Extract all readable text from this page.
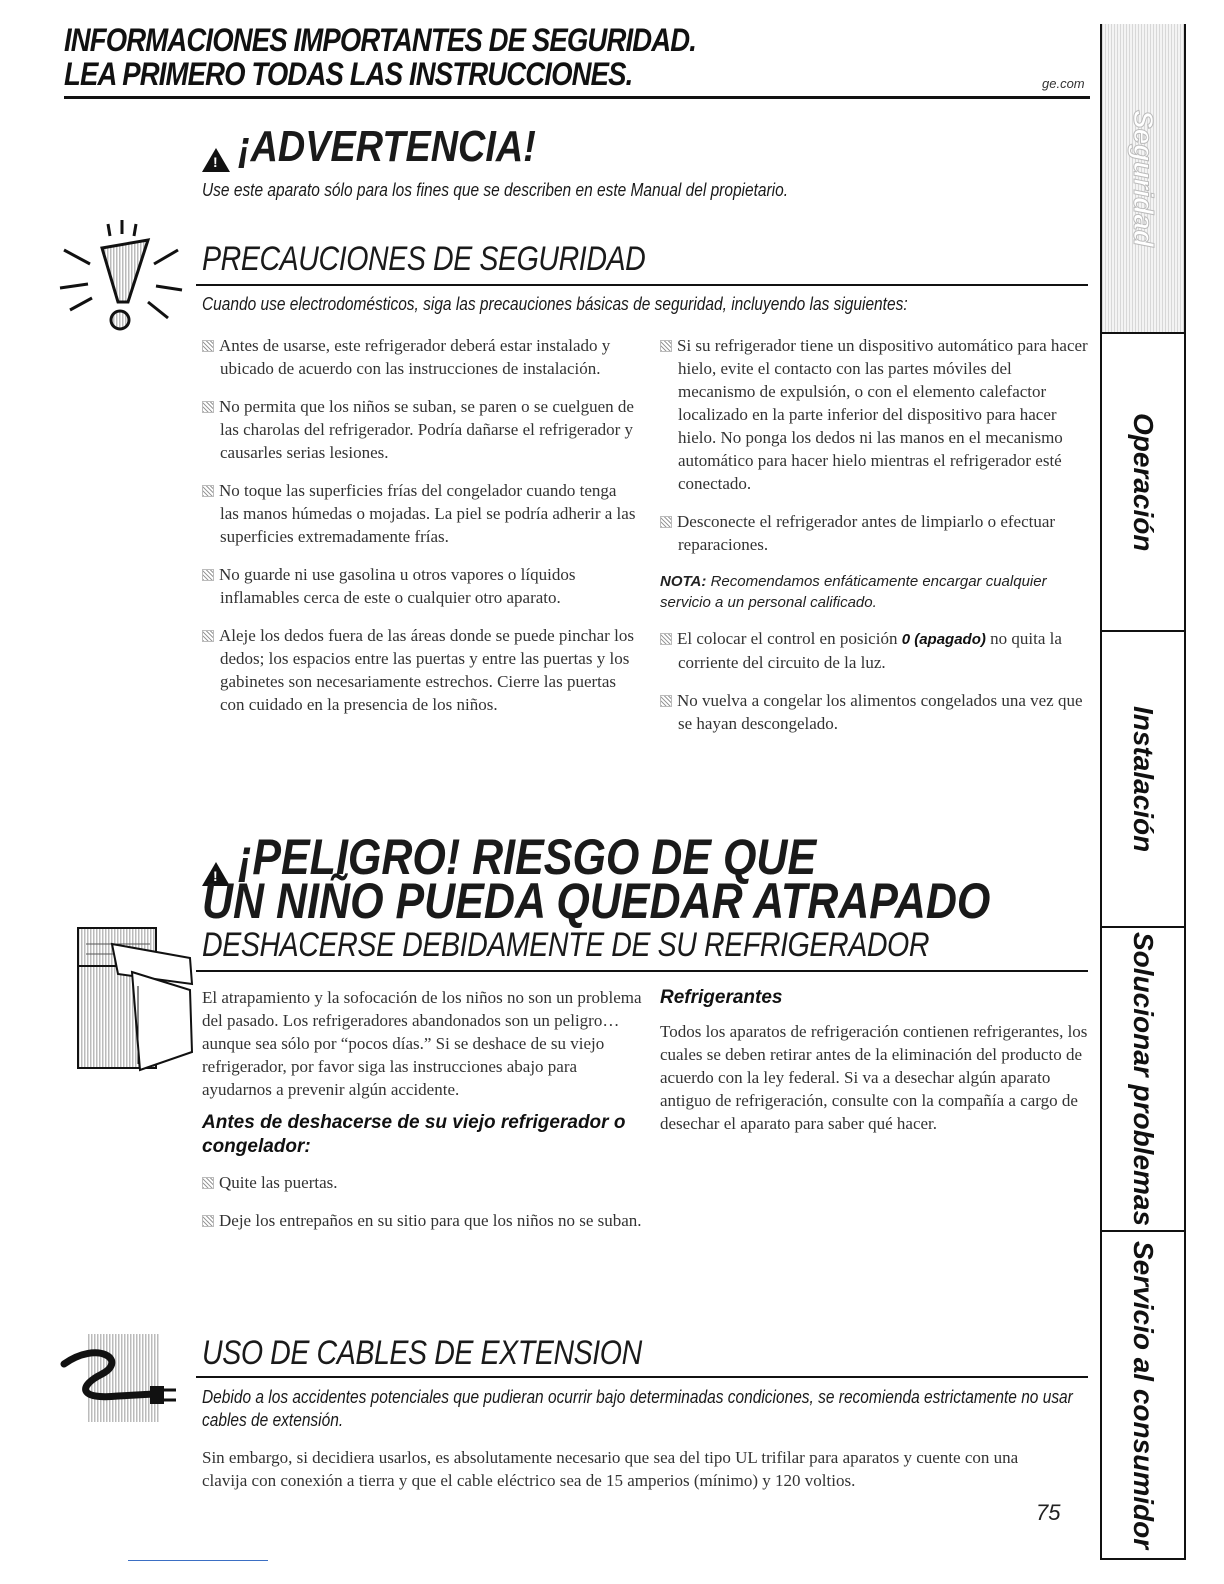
INFORMACIONES IMPORTANTES DE SEGURIDAD.
LEA PRIMERO TODAS LAS INSTRUCCIONES.	ge.com
!
¡ADVERTENCIA!
Use este aparato sólo para los fines que se describen en este Manual del propietario.
PRECAUCIONES DE SEGURIDAD
Cuando use electrodomésticos, siga las precauciones básicas de seguridad, incluyendo las siguientes:

Antes de usarse, este refrigerador deberá estar instalado y ubicado de acuerdo con las instrucciones de instalación.

No permita que los niños se suban, se paren o se cuelguen de las charolas del refrigerador. Podría dañarse el refrigerador y causarles serias lesiones.

No toque las superficies frías del congelador cuando tenga las manos húmedas o mojadas. La piel se podría adherir a las superficies extremadamente frías.

No guarde ni use gasolina u otros vapores o líquidos inflamables cerca de este o cualquier otro aparato.

Aleje los dedos fuera de las áreas donde se puede pinchar los dedos; los espacios entre las puertas y entre las puertas y los gabinetes son necesariamente estrechos. Cierre las puertas con cuidado en la presencia de los niños.

Si su refrigerador tiene un dispositivo automático para hacer hielo, evite el contacto con las partes móviles del mecanismo de expulsión, o con el elemento calefactor localizado en la parte inferior del dispositivo para hacer hielo. No ponga los dedos ni las manos en el mecanismo automático para hacer hielo mientras el refrigerador esté conectado.

Desconecte el refrigerador antes de limpiarlo o efectuar reparaciones.

NOTA: Recomendamos enfáticamente encargar cualquier servicio a un personal calificado.

El colocar el control en posición 0 (apagado) no quita la corriente del circuito de la luz.

No vuelva a congelar los alimentos congelados una vez que se hayan descongelado.

!
¡PELIGRO! RIESGO DE QUE
UN NIÑO PUEDA QUEDAR ATRAPADO
DESHACERSE DEBIDAMENTE DE SU REFRIGERADOR
El atrapamiento y la sofocación de los niños no son un problema del pasado. Los refrigeradores abandonados son un peligro…aunque sea sólo por “pocos días.” Si se deshace de su viejo refrigerador, por favor siga las instrucciones abajo para ayudarnos a prevenir algún accidente.
Antes de deshacerse de su viejo refrigerador o congelador:

Quite las puertas.

Deje los entrepaños en su sitio para que los niños no se suban.

Refrigerantes
Todos los aparatos de refrigeración contienen refrigerantes, los cuales se deben retirar antes de la eliminación del producto de acuerdo con la ley federal. Si va a desechar algún aparato antiguo de refrigeración, consulte con la compañía a cargo de desechar el aparato para saber qué hacer.
USO DE CABLES DE EXTENSION
Debido a los accidentes potenciales que pudieran ocurrir bajo determinadas condiciones, se recomienda estrictamente no usar cables de extensión.
Sin embargo, si decidiera usarlos, es absolutamente necesario que sea del tipo UL trifilar para aparatos y cuente con una clavija con conexión a tierra y que el cable eléctrico sea de 15 amperios (mínimo) y 120 voltios.
Seguridad
Operación
Instalación
Solucionar problemas
Servicio al consumidor
75
